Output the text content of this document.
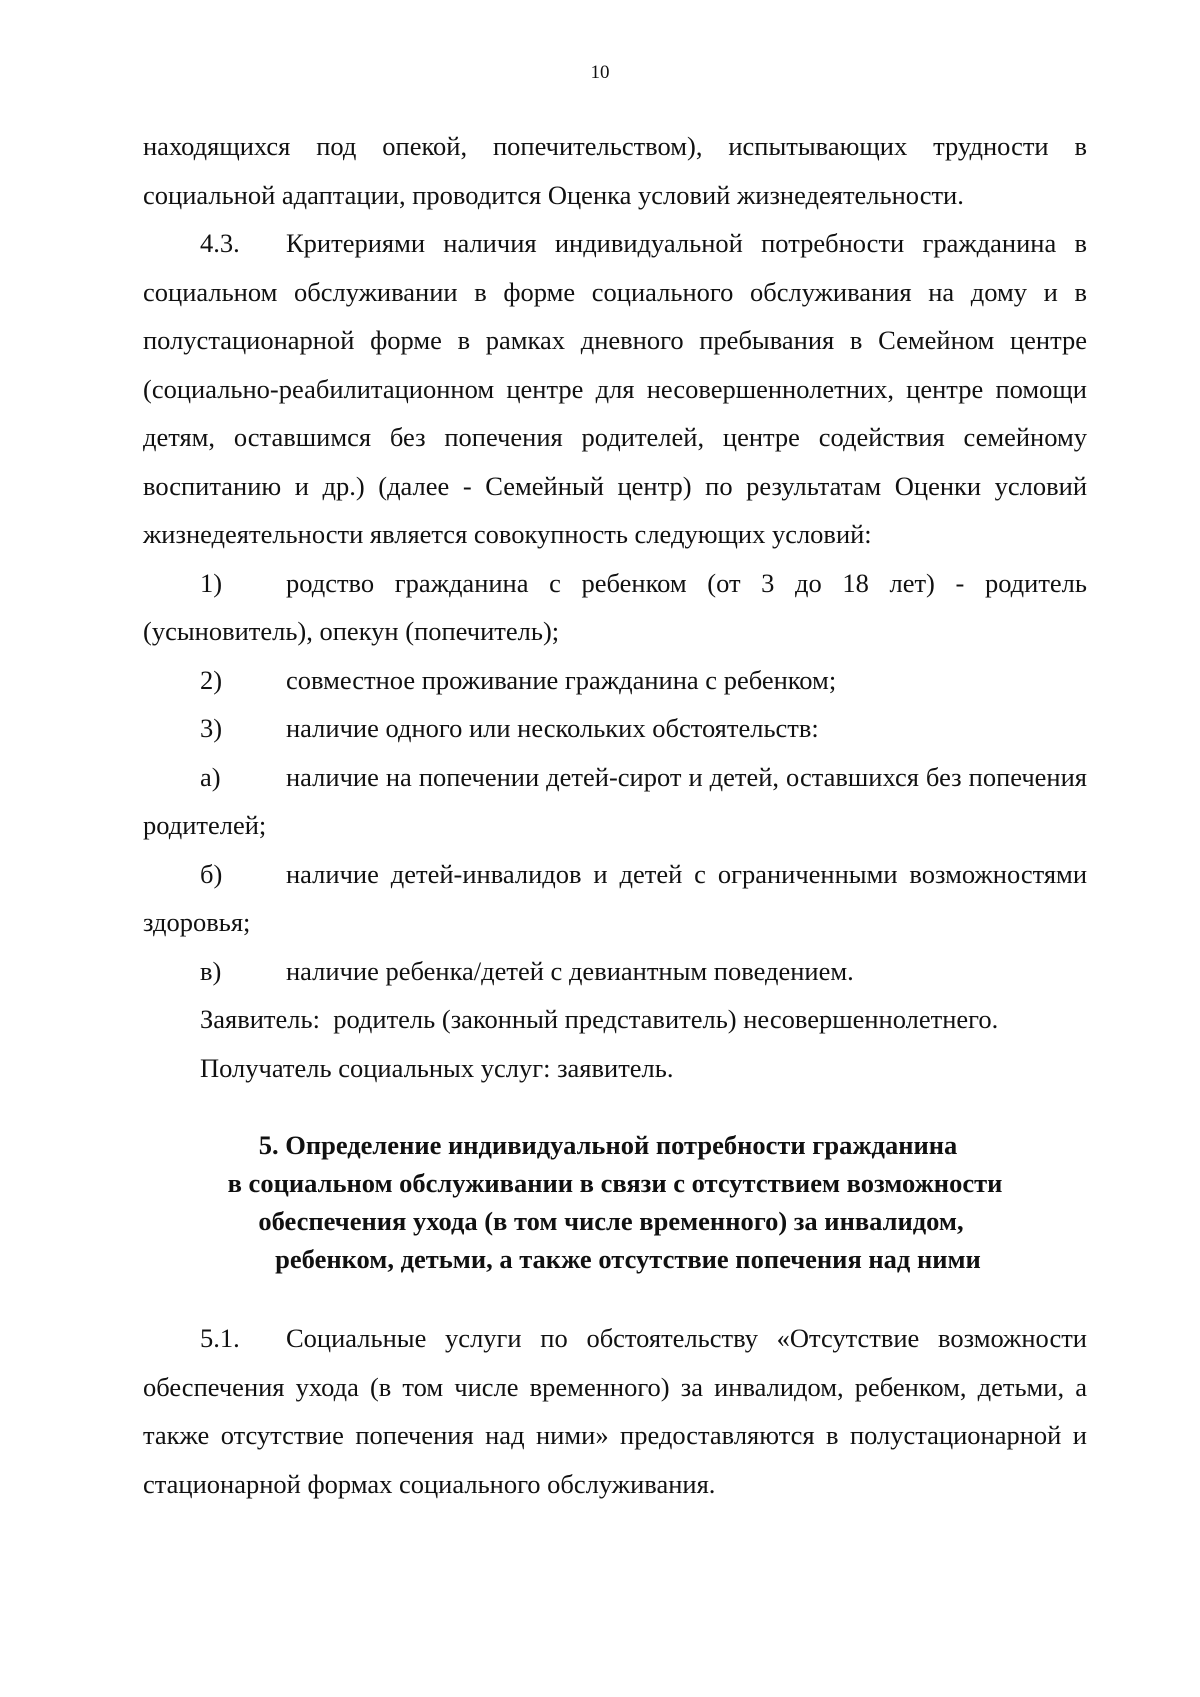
10

находящихся под опекой, попечительством), испытывающих трудности в социальной адаптации, проводится Оценка условий жизнедеятельности.

4.3. Критериями наличия индивидуальной потребности гражданина в социальном обслуживании в форме социального обслуживания на дому и в полустационарной форме в рамках дневного пребывания в Семейном центре (социально-реабилитационном центре для несовершеннолетних, центре помощи детям, оставшимся без попечения родителей, центре содействия семейному воспитанию и др.) (далее - Семейный центр) по результатам Оценки условий жизнедеятельности является совокупность следующих условий:

1) родство гражданина с ребенком (от 3 до 18 лет) - родитель (усыновитель), опекун (попечитель);

2) совместное проживание гражданина с ребенком;

3) наличие одного или нескольких обстоятельств:

а) наличие на попечении детей-сирот и детей, оставшихся без попечения родителей;

б) наличие детей-инвалидов и детей с ограниченными возможностями здоровья;

в) наличие ребенка/детей с девиантным поведением.

Заявитель: родитель (законный представитель) несовершеннолетнего.

Получатель социальных услуг: заявитель.

5. Определение индивидуальной потребности гражданина
в социальном обслуживании в связи с отсутствием возможности
обеспечения ухода (в том числе временного) за инвалидом,
ребенком, детьми, а также отсутствие попечения над ними

5.1. Социальные услуги по обстоятельству «Отсутствие возможности обеспечения ухода (в том числе временного) за инвалидом, ребенком, детьми, а также отсутствие попечения над ними» предоставляются в полустационарной и стационарной формах социального обслуживания.
